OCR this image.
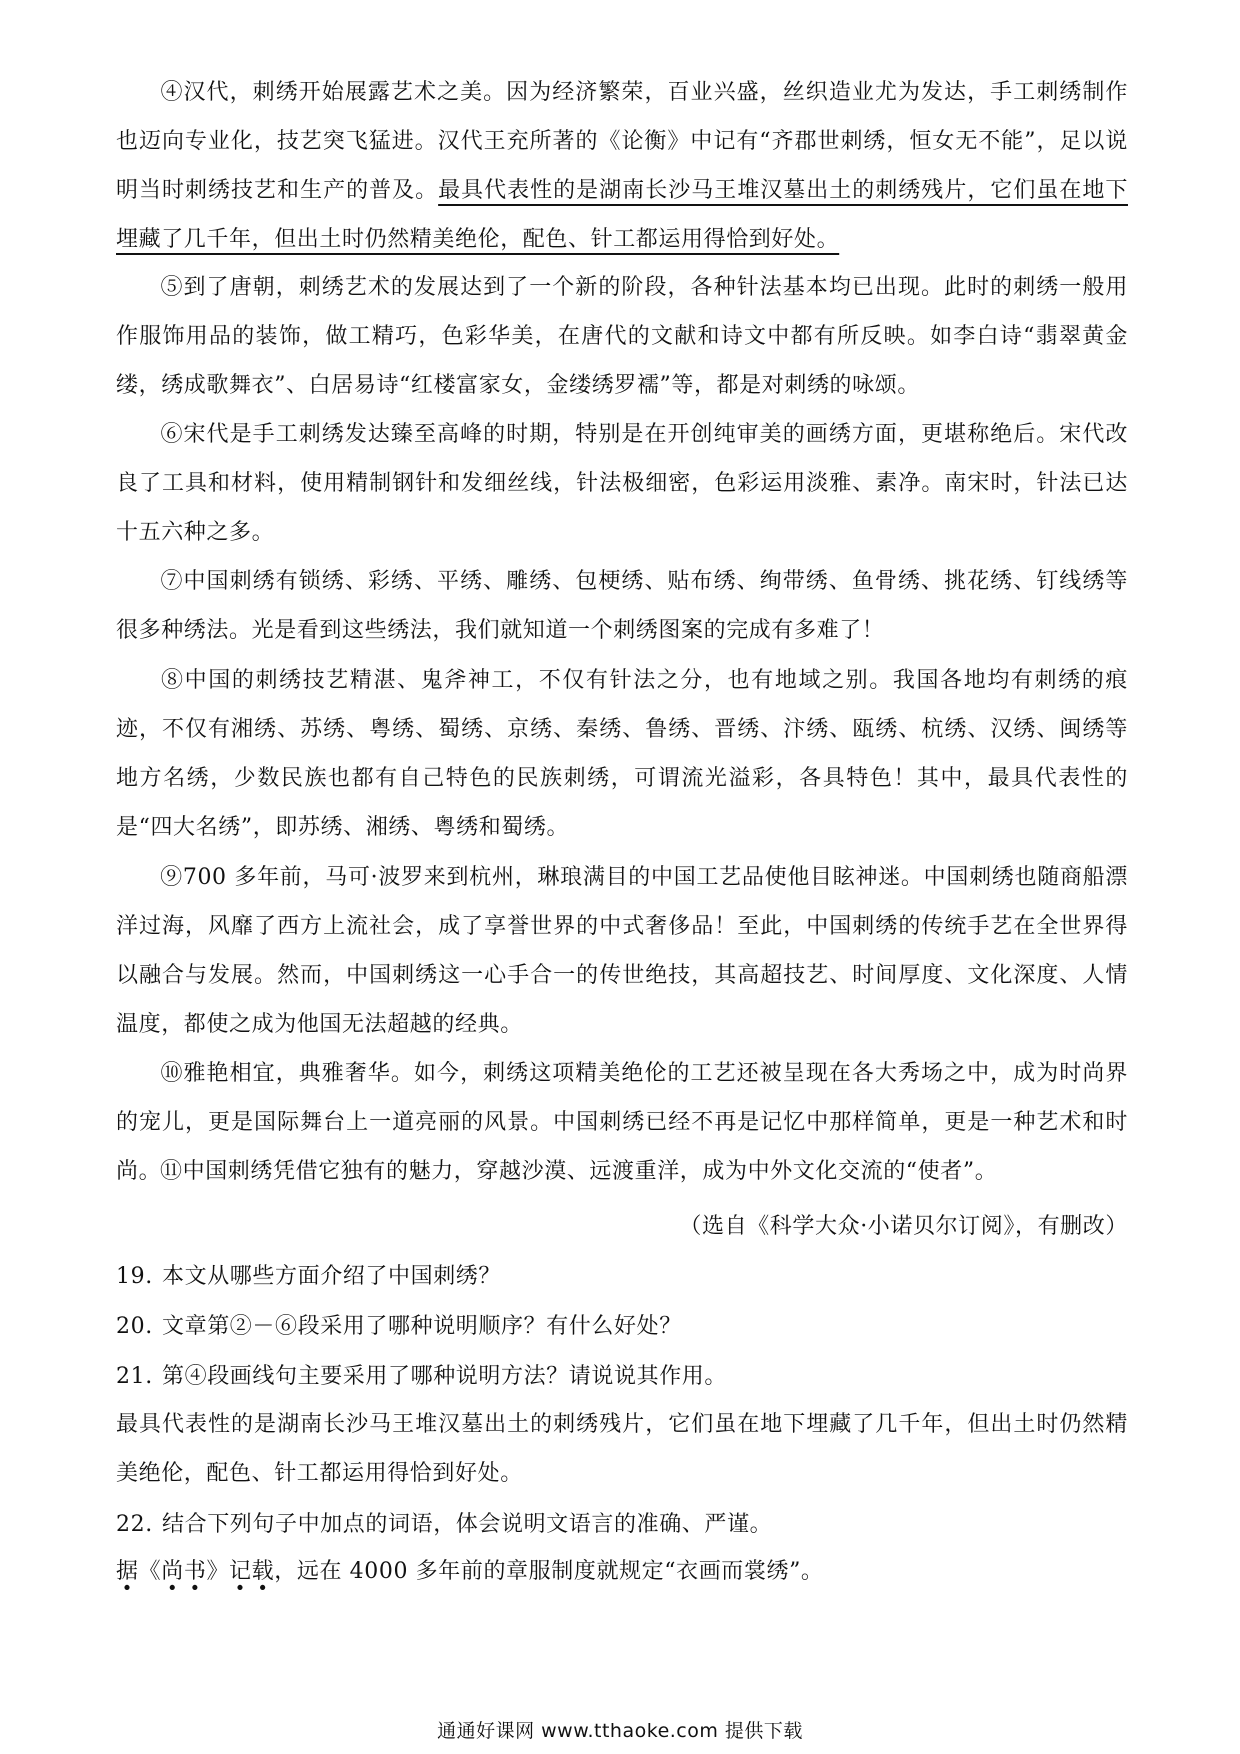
④汉代，刺绣开始展露艺术之美。因为经济繁荣，百业兴盛，丝织造业尤为发达，手工刺绣制作也迈向专业化，技艺突飞猛进。汉代王充所著的《论衡》中记有“齐郡世刺绣，恒女无不能”，足以说明当时刺绣技艺和生产的普及。最具代表性的是湖南长沙马王堆汉墓出土的刺绣残片，它们虽在地下埋藏了几千年，但出土时仍然精美绝伦，配色、针工都运用得恰到好处。

⑤到了唐朝，刺绣艺术的发展达到了一个新的阶段，各种针法基本均已出现。此时的刺绣一般用作服饰用品的装饰，做工精巧，色彩华美，在唐代的文献和诗文中都有所反映。如李白诗“翡翠黄金缕，绣成歌舞衣”、白居易诗“红楼富家女，金缕绣罗襦”等，都是对刺绣的咏颂。

⑥宋代是手工刺绣发达臻至高峰的时期，特别是在开创纯审美的画绣方面，更堪称绝后。宋代改良了工具和材料，使用精制钢针和发细丝线，针法极细密，色彩运用淡雅、素净。南宋时，针法已达十五六种之多。

⑦中国刺绣有锁绣、彩绣、平绣、雕绣、包梗绣、贴布绣、绚带绣、鱼骨绣、挑花绣、钉线绣等很多种绣法。光是看到这些绣法，我们就知道一个刺绣图案的完成有多难了！

⑧中国的刺绣技艺精湛、鬼斧神工，不仅有针法之分，也有地域之别。我国各地均有刺绣的痕迹，不仅有湘绣、苏绣、粤绣、蜀绣、京绣、秦绣、鲁绣、晋绣、汴绣、瓯绣、杭绣、汉绣、闽绣等地方名绣，少数民族也都有自己特色的民族刺绣，可谓流光溢彩，各具特色！其中，最具代表性的是“四大名绣”，即苏绣、湘绣、粤绣和蜀绣。

⑨700 多年前，马可·波罗来到杭州，琳琅满目的中国工艺品使他目眩神迷。中国刺绣也随商船漂洋过海，风靡了西方上流社会，成了享誉世界的中式奢侈品！至此，中国刺绣的传统手艺在全世界得以融合与发展。然而，中国刺绣这一心手合一的传世绝技，其高超技艺、时间厚度、文化深度、人情温度，都使之成为他国无法超越的经典。

⑩雅艳相宜，典雅奢华。如今，刺绣这项精美绝伦的工艺还被呈现在各大秀场之中，成为时尚界的宠儿，更是国际舞台上一道亮丽的风景。中国刺绣已经不再是记忆中那样简单，更是一种艺术和时尚。

⑪中国刺绣凭借它独有的魅力，穿越沙漠、远渡重洋，成为中外文化交流的“使者”。

（选自《科学大众·小诺贝尔订阅》，有删改）
19. 本文从哪些方面介绍了中国刺绣？
20. 文章第②－⑥段采用了哪种说明顺序？有什么好处？
21. 第④段画线句主要采用了哪种说明方法？请说说其作用。
最具代表性的是湖南长沙马王堆汉墓出土的刺绣残片，它们虽在地下埋藏了几千年，但出土时仍然精美绝伦，配色、针工都运用得恰到好处。
22. 结合下列句子中加点的词语，体会说明文语言的准确、严谨。
据《尚书》记载，远在 4000 多年前的章服制度就规定“衣画而裳绣”。
通通好课网 www.tthaoke.com 提供下载
